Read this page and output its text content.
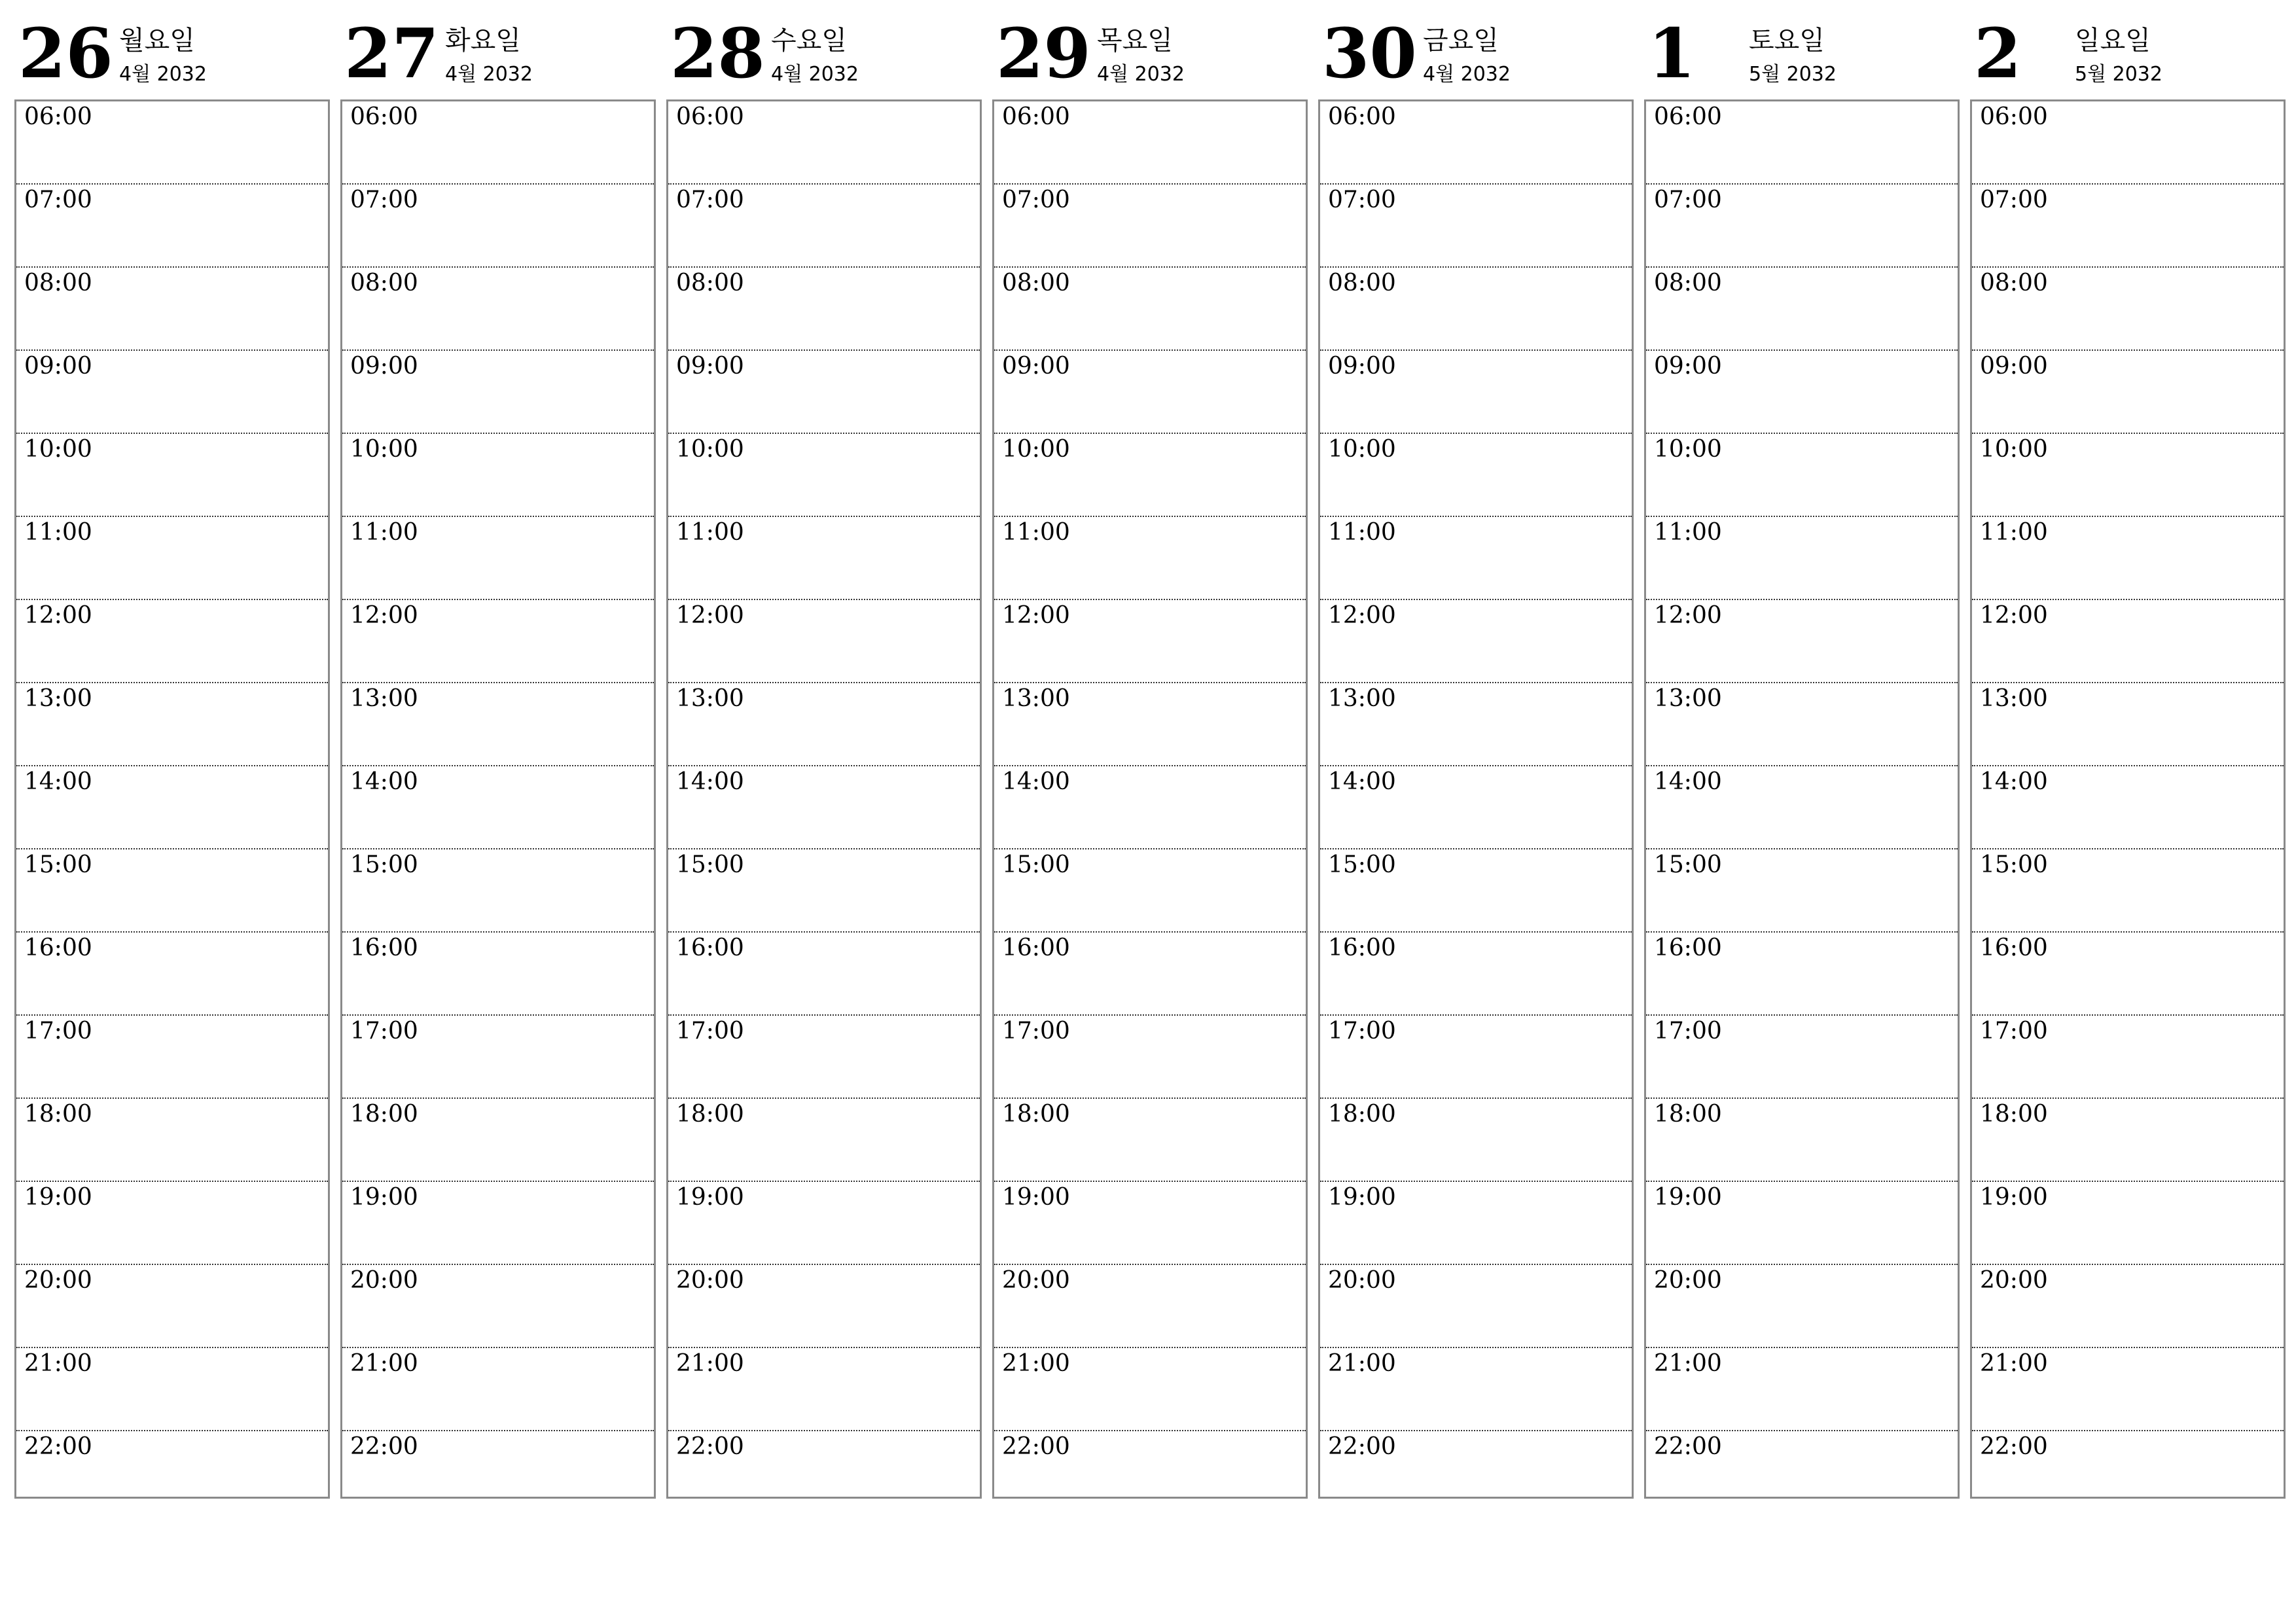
26 월요일
4월 2032
06:00
07:00
08:00
09:00
10:00
11:00
12:00
13:00
14:00
15:00
16:00
17:00
18:00
19:00
20:00
21:00
22:00
27 화요일
4월 2032
06:00
07:00
08:00
09:00
10:00
11:00
12:00
13:00
14:00
15:00
16:00
17:00
18:00
19:00
20:00
21:00
22:00
28 수요일
4월 2032
06:00
07:00
08:00
09:00
10:00
11:00
12:00
13:00
14:00
15:00
16:00
17:00
18:00
19:00
20:00
21:00
22:00
29 목요일
4월 2032
06:00
07:00
08:00
09:00
10:00
11:00
12:00
13:00
14:00
15:00
16:00
17:00
18:00
19:00
20:00
21:00
22:00
30 금요일
4월 2032
06:00
07:00
08:00
09:00
10:00
11:00
12:00
13:00
14:00
15:00
16:00
17:00
18:00
19:00
20:00
21:00
22:00
1 토요일
5월 2032
06:00
07:00
08:00
09:00
10:00
11:00
12:00
13:00
14:00
15:00
16:00
17:00
18:00
19:00
20:00
21:00
22:00
2 일요일
5월 2032
06:00
07:00
08:00
09:00
10:00
11:00
12:00
13:00
14:00
15:00
16:00
17:00
18:00
19:00
20:00
21:00
22:00
